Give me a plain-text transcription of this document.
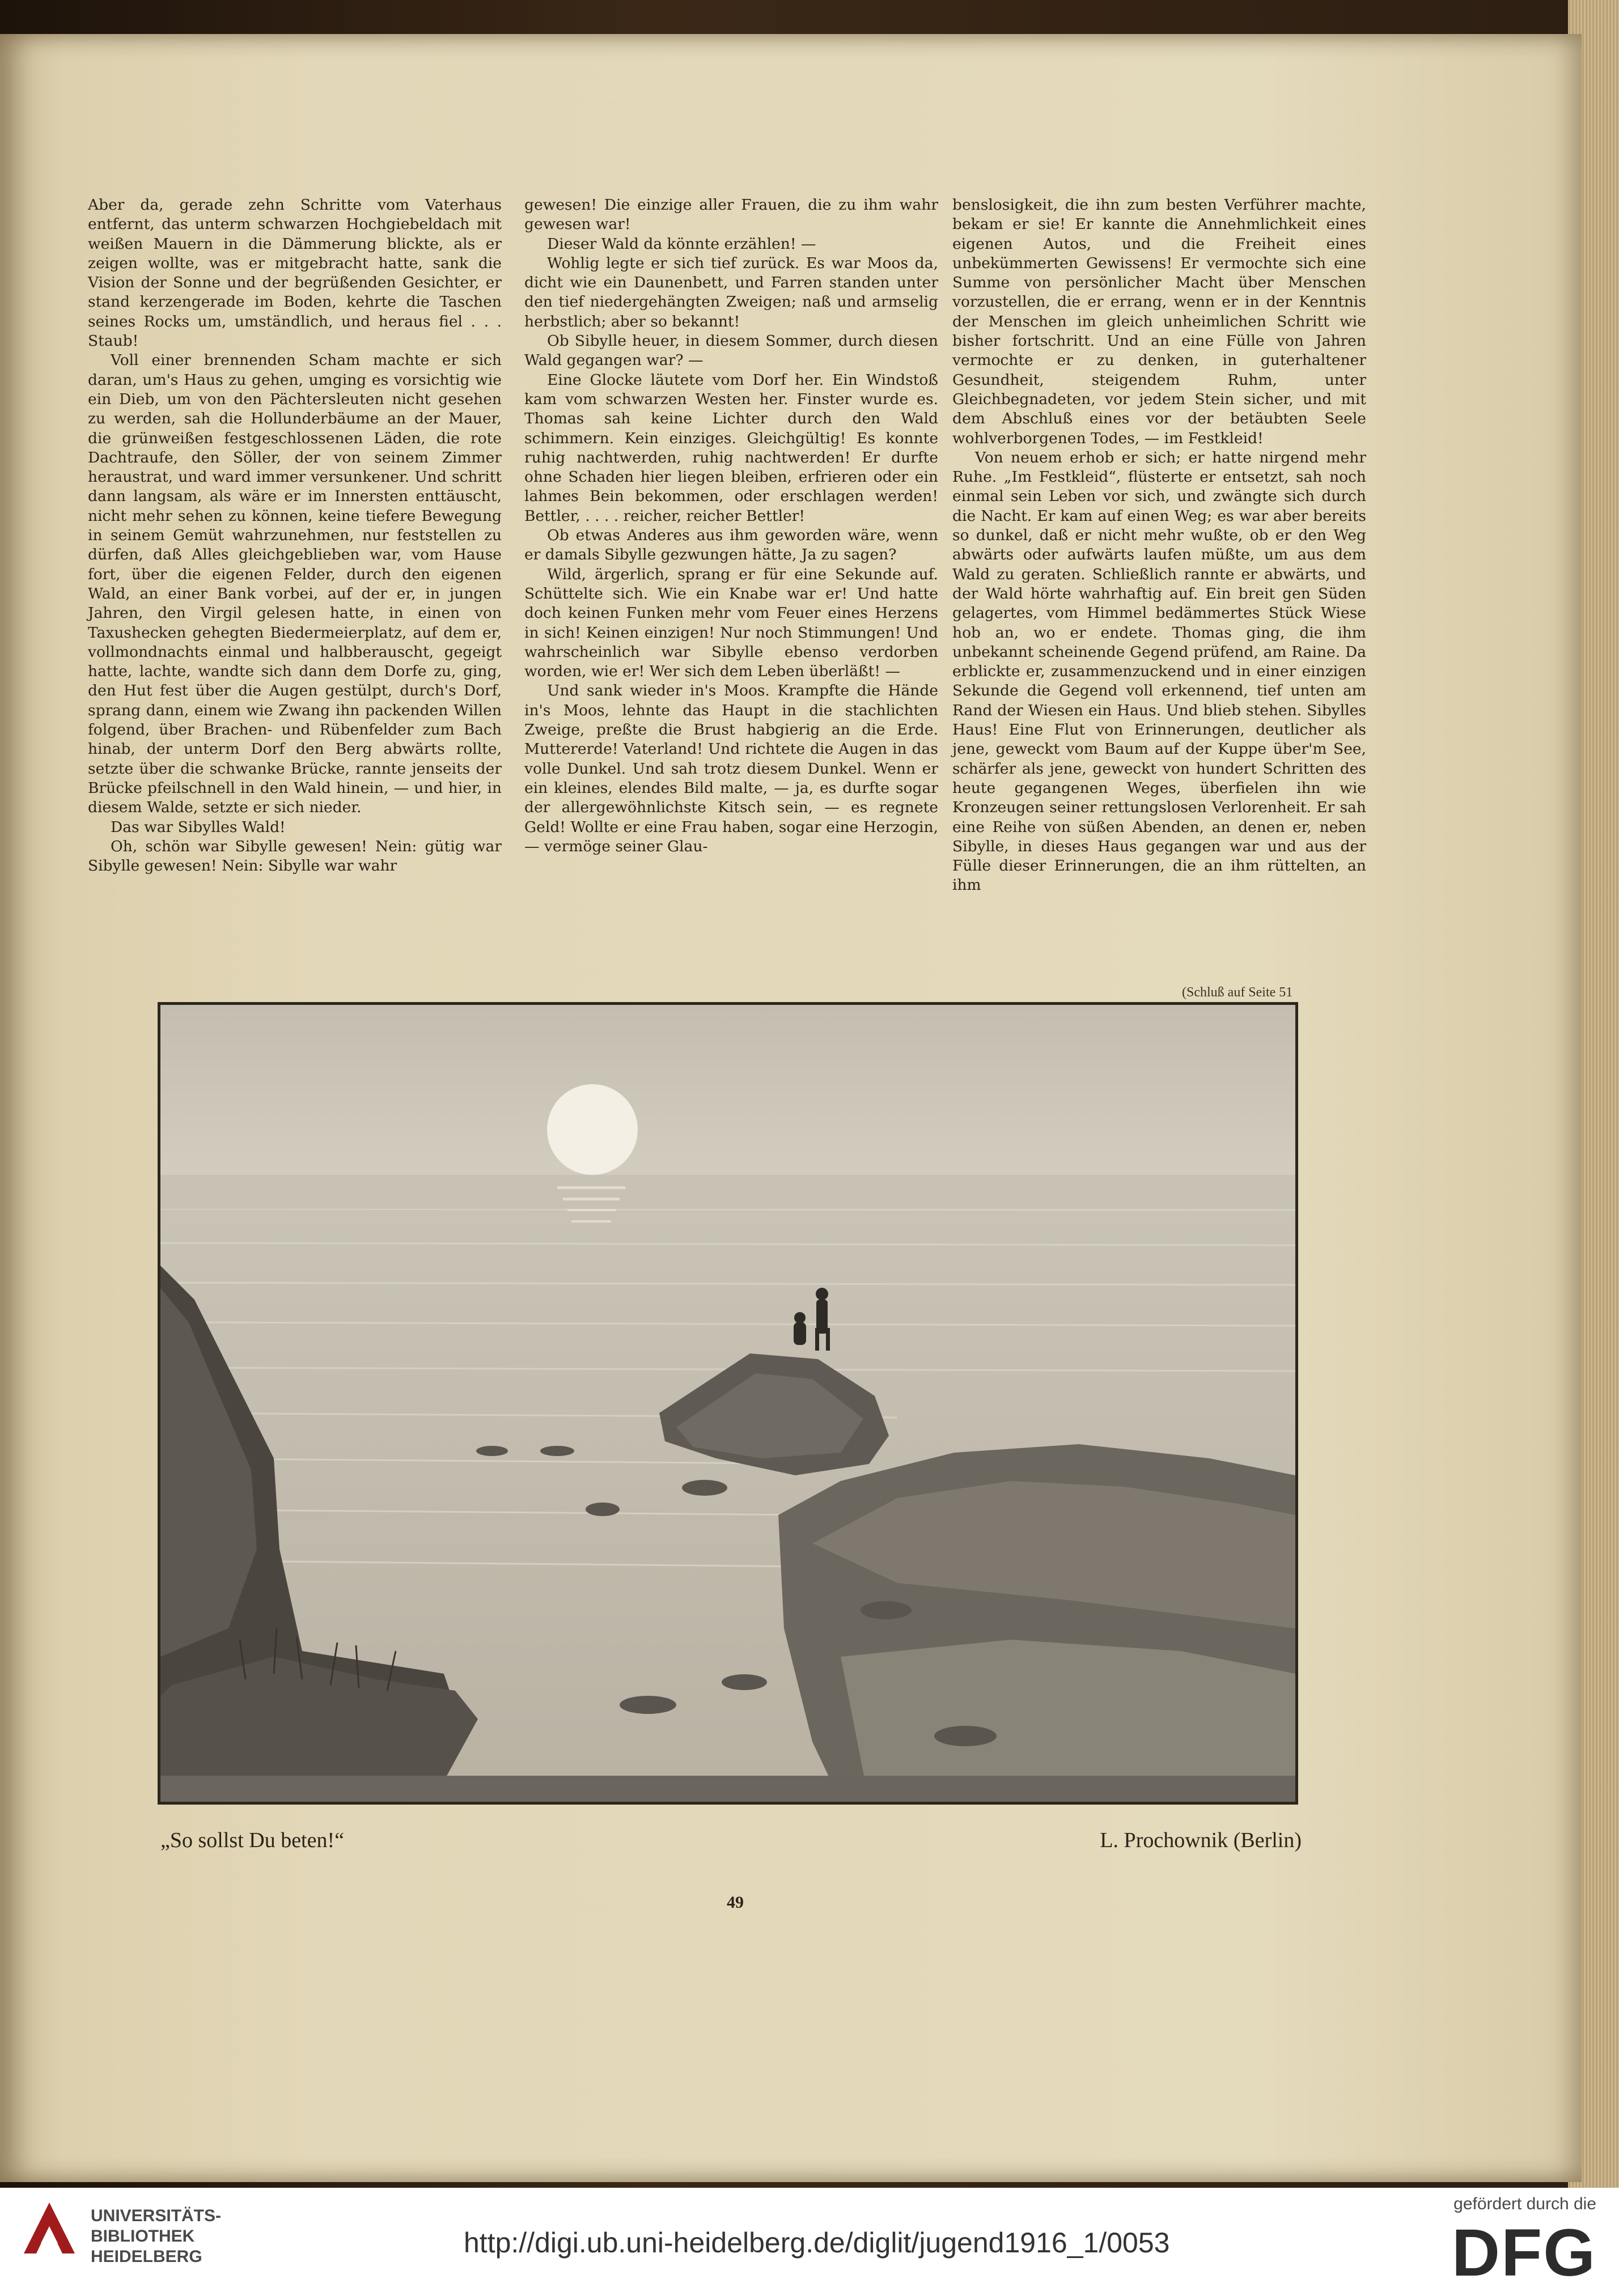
Aber da, gerade zehn Schritte vom Vaterhaus entfernt, das unterm schwarzen Hochgiebeldach mit weißen Mauern in die Dämmerung blickte, als er zeigen wollte, was er mitgebracht hatte, sank die Vision der Sonne und der begrüßenden Gesichter, er stand kerzengerade im Boden, kehrte die Taschen seines Rocks um, umständlich, und heraus fiel . . . Staub!

Voll einer brennenden Scham machte er sich daran, um's Haus zu gehen, umging es vorsichtig wie ein Dieb, um von den Pächtersleuten nicht gesehen zu werden, sah die Hollunderbäume an der Mauer, die grünweißen festgeschlossenen Läden, die rote Dachtraufe, den Söller, der von seinem Zimmer heraustrat, und ward immer versunkener. Und schritt dann langsam, als wäre er im Innersten enttäuscht, nicht mehr sehen zu können, keine tiefere Bewegung in seinem Gemüt wahrzunehmen, nur feststellen zu dürfen, daß Alles gleichgeblieben war, vom Hause fort, über die eigenen Felder, durch den eigenen Wald, an einer Bank vorbei, auf der er, in jungen Jahren, den Virgil gelesen hatte, in einen von Taxushecken gehegten Biedermeierplatz, auf dem er, vollmondnachts einmal und halbberauscht, gegeigt hatte, lachte, wandte sich dann dem Dorfe zu, ging, den Hut fest über die Augen gestülpt, durch's Dorf, sprang dann, einem wie Zwang ihn packenden Willen folgend, über Brachen- und Rübenfelder zum Bach hinab, der unterm Dorf den Berg abwärts rollte, setzte über die schwanke Brücke, rannte jenseits der Brücke pfeilschnell in den Wald hinein, — und hier, in diesem Walde, setzte er sich nieder.

Das war Sibylles Wald!

Oh, schön war Sibylle gewesen! Nein: gütig war Sibylle gewesen! Nein: Sibylle war wahr

gewesen! Die einzige aller Frauen, die zu ihm wahr gewesen war!

Dieser Wald da könnte erzählen! —

Wohlig legte er sich tief zurück. Es war Moos da, dicht wie ein Daunenbett, und Farren standen unter den tief niedergehängten Zweigen; naß und armselig herbstlich; aber so bekannt!

Ob Sibylle heuer, in diesem Sommer, durch diesen Wald gegangen war? —

Eine Glocke läutete vom Dorf her. Ein Windstoß kam vom schwarzen Westen her. Finster wurde es. Thomas sah keine Lichter durch den Wald schimmern. Kein einziges. Gleichgültig! Es konnte ruhig nachtwerden, ruhig nachtwerden! Er durfte ohne Schaden hier liegen bleiben, erfrieren oder ein lahmes Bein bekommen, oder erschlagen werden! Bettler, . . . . reicher, reicher Bettler!

Ob etwas Anderes aus ihm geworden wäre, wenn er damals Sibylle gezwungen hätte, Ja zu sagen?

Wild, ärgerlich, sprang er für eine Sekunde auf. Schüttelte sich. Wie ein Knabe war er! Und hatte doch keinen Funken mehr vom Feuer eines Herzens in sich! Keinen einzigen! Nur noch Stimmungen! Und wahrscheinlich war Sibylle ebenso verdorben worden, wie er! Wer sich dem Leben überläßt! —

Und sank wieder in's Moos. Krampfte die Hände in's Moos, lehnte das Haupt in die stachlichten Zweige, preßte die Brust habgierig an die Erde. Muttererde! Vaterland! Und richtete die Augen in das volle Dunkel. Und sah trotz diesem Dunkel. Wenn er ein kleines, elendes Bild malte, — ja, es durfte sogar der allergewöhnlichste Kitsch sein, — es regnete Geld! Wollte er eine Frau haben, sogar eine Herzogin, — vermöge seiner Glau-

benslosigkeit, die ihn zum besten Verführer machte, bekam er sie! Er kannte die Annehmlichkeit eines eigenen Autos, und die Freiheit eines unbekümmerten Gewissens! Er vermochte sich eine Summe von persönlicher Macht über Menschen vorzustellen, die er errang, wenn er in der Kenntnis der Menschen im gleich unheimlichen Schritt wie bisher fortschritt. Und an eine Fülle von Jahren vermochte er zu denken, in guterhaltener Gesundheit, steigendem Ruhm, unter Gleichbegnadeten, vor jedem Stein sicher, und mit dem Abschluß eines vor der betäubten Seele wohlverborgenen Todes, — im Festkleid!

Von neuem erhob er sich; er hatte nirgend mehr Ruhe. „Im Festkleid“, flüsterte er entsetzt, sah noch einmal sein Leben vor sich, und zwängte sich durch die Nacht. Er kam auf einen Weg; es war aber bereits so dunkel, daß er nicht mehr wußte, ob er den Weg abwärts oder aufwärts laufen müßte, um aus dem Wald zu geraten. Schließlich rannte er abwärts, und der Wald hörte wahrhaftig auf. Ein breit gen Süden gelagertes, vom Himmel bedämmertes Stück Wiese hob an, wo er endete. Thomas ging, die ihm unbekannt scheinende Gegend prüfend, am Raine. Da erblickte er, zusammenzuckend und in einer einzigen Sekunde die Gegend voll erkennend, tief unten am Rand der Wiesen ein Haus. Und blieb stehen. Sibylles Haus! Eine Flut von Erinnerungen, deutlicher als jene, geweckt vom Baum auf der Kuppe über'm See, schärfer als jene, geweckt von hundert Schritten des heute gegangenen Weges, überfielen ihn wie Kronzeugen seiner rettungslosen Verlorenheit. Er sah eine Reihe von süßen Abenden, an denen er, neben Sibylle, in dieses Haus gegangen war und aus der Fülle dieser Erinnerungen, die an ihm rüttelten, an ihm

(Schluß auf Seite 51
„So sollst Du beten!“	L. Prochownik (Berlin)
49
UNIVERSITÄTS-
BIBLIOTHEK
HEIDELBERG	http://digi.ub.uni-heidelberg.de/diglit/jugend1916_1/0053
gefördert durch die
DFG
